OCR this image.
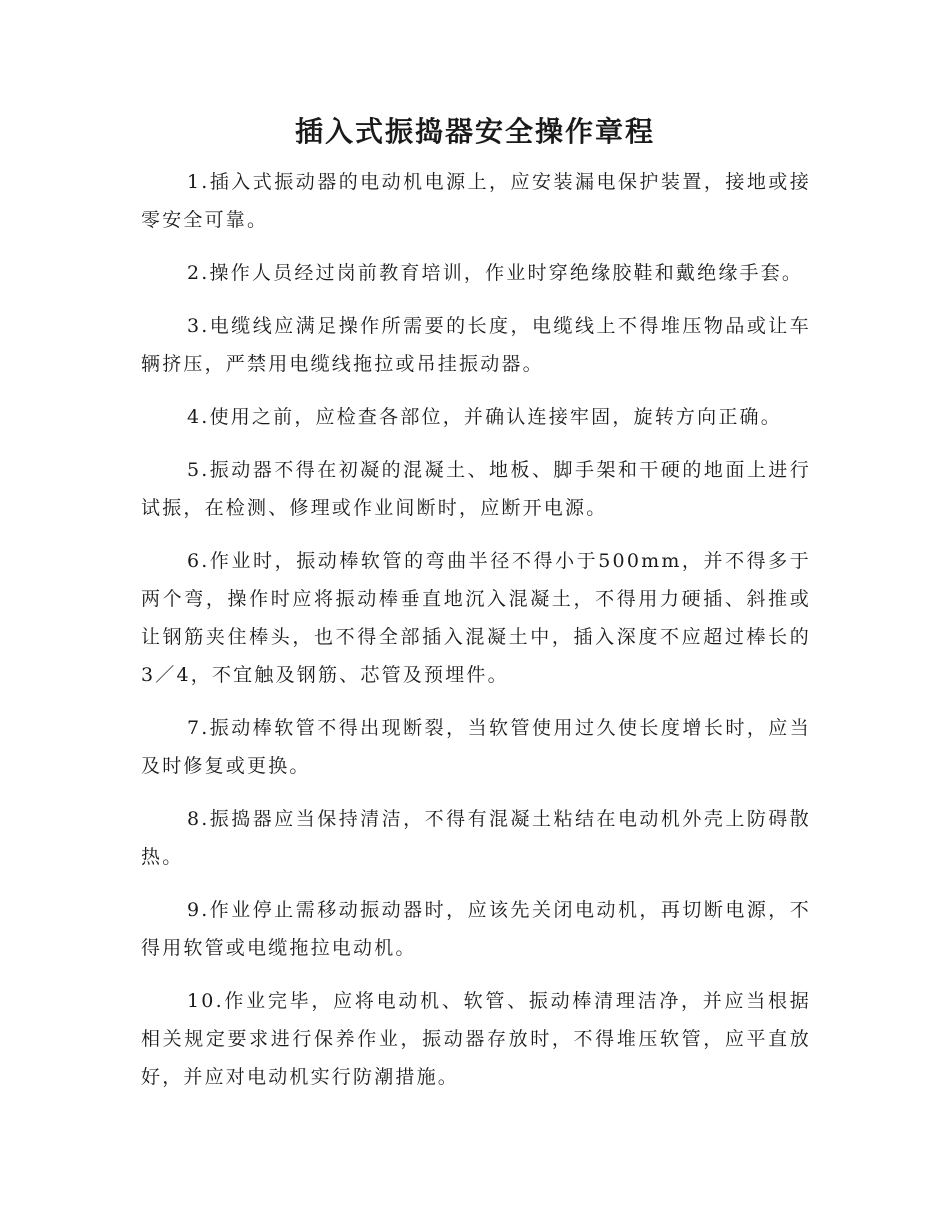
插入式振捣器安全操作章程

1.插入式振动器的电动机电源上，应安装漏电保护装置，接地或接零安全可靠。

2.操作人员经过岗前教育培训，作业时穿绝缘胶鞋和戴绝缘手套。

3.电缆线应满足操作所需要的长度，电缆线上不得堆压物品或让车辆挤压，严禁用电缆线拖拉或吊挂振动器。

4.使用之前，应检查各部位，并确认连接牢固，旋转方向正确。

5.振动器不得在初凝的混凝土、地板、脚手架和干硬的地面上进行试振，在检测、修理或作业间断时，应断开电源。

6.作业时，振动棒软管的弯曲半径不得小于500mm，并不得多于两个弯，操作时应将振动棒垂直地沉入混凝土，不得用力硬插、斜推或让钢筋夹住棒头，也不得全部插入混凝土中，插入深度不应超过棒长的3／4，不宜触及钢筋、芯管及预埋件。

7.振动棒软管不得出现断裂，当软管使用过久使长度增长时，应当及时修复或更换。

8.振捣器应当保持清洁，不得有混凝土粘结在电动机外壳上防碍散热。

9.作业停止需移动振动器时，应该先关闭电动机，再切断电源，不得用软管或电缆拖拉电动机。

10.作业完毕，应将电动机、软管、振动棒清理洁净，并应当根据相关规定要求进行保养作业，振动器存放时，不得堆压软管，应平直放好，并应对电动机实行防潮措施。
